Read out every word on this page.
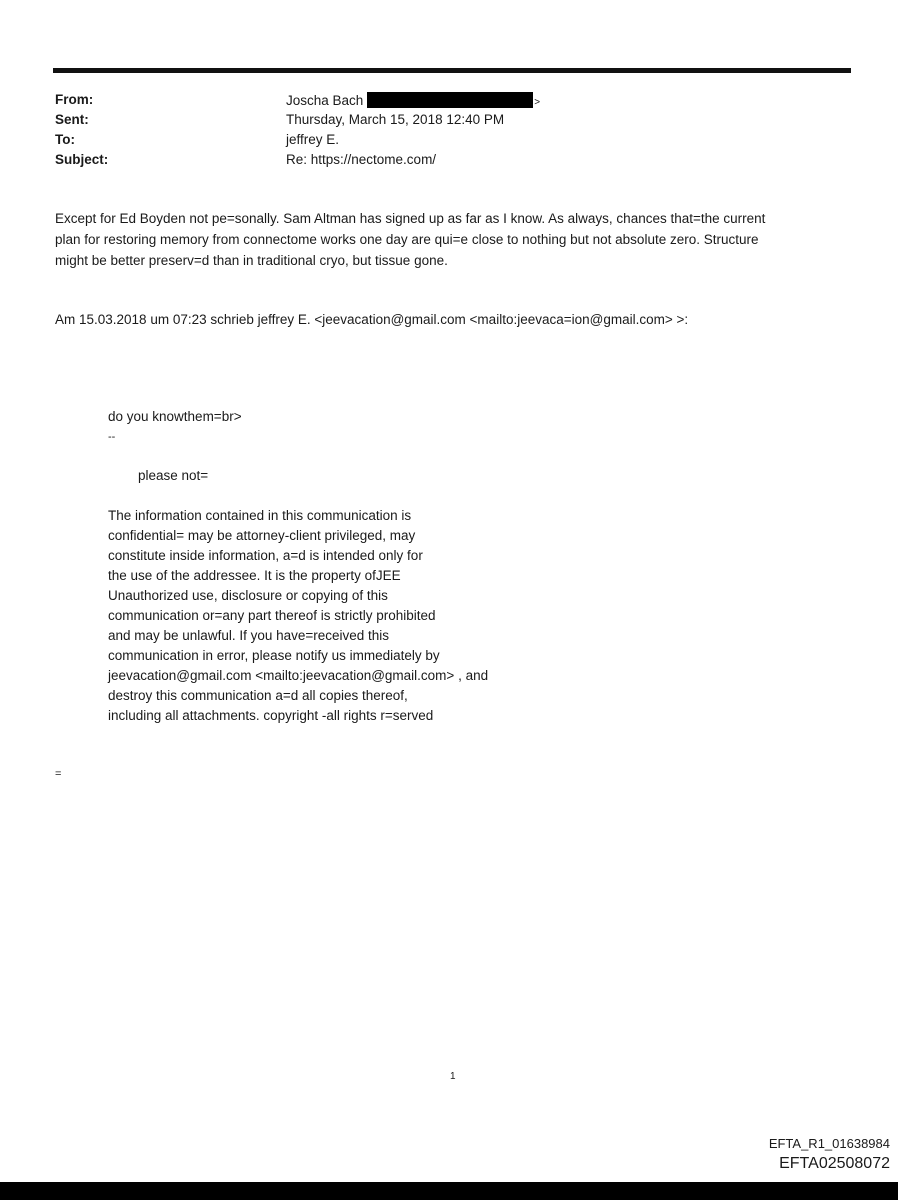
From:
Sent:
To:
Subject:
Joscha Bach	>
Thursday, March 15, 2018 12:40 PM
jeffrey E.
Re: https://nectome.com/
Except for Ed Boyden not pe=sonally. Sam Altman has signed up as far as I know. As always, chances that=the current
plan for restoring memory from connectome works one day are qui=e close to nothing but not absolute zero. Structure
might be better preserv=d than in traditional cryo, but tissue gone.
Am 15.03.2018 um 07:23 schrieb jeffrey E. <jeevacation@gmail.com <mailto:jeevaca=ion@gmail.com> >:
do you knowthem=br>
--
please not=
The information contained in this communication is
confidential= may be attorney-client privileged, may
constitute inside information, a=d is intended only for
the use of the addressee. It is the property ofJEE
Unauthorized use, disclosure or copying of this
communication or=any part thereof is strictly prohibited
and may be unlawful. If you have=received this
communication in error, please notify us immediately by
jeevacation@gmail.com <mailto:jeevacation@gmail.com> , and
destroy this communication a=d all copies thereof,
including all attachments. copyright -all rights r=served
=
1
EFTA_R1_01638984
EFTA02508072
